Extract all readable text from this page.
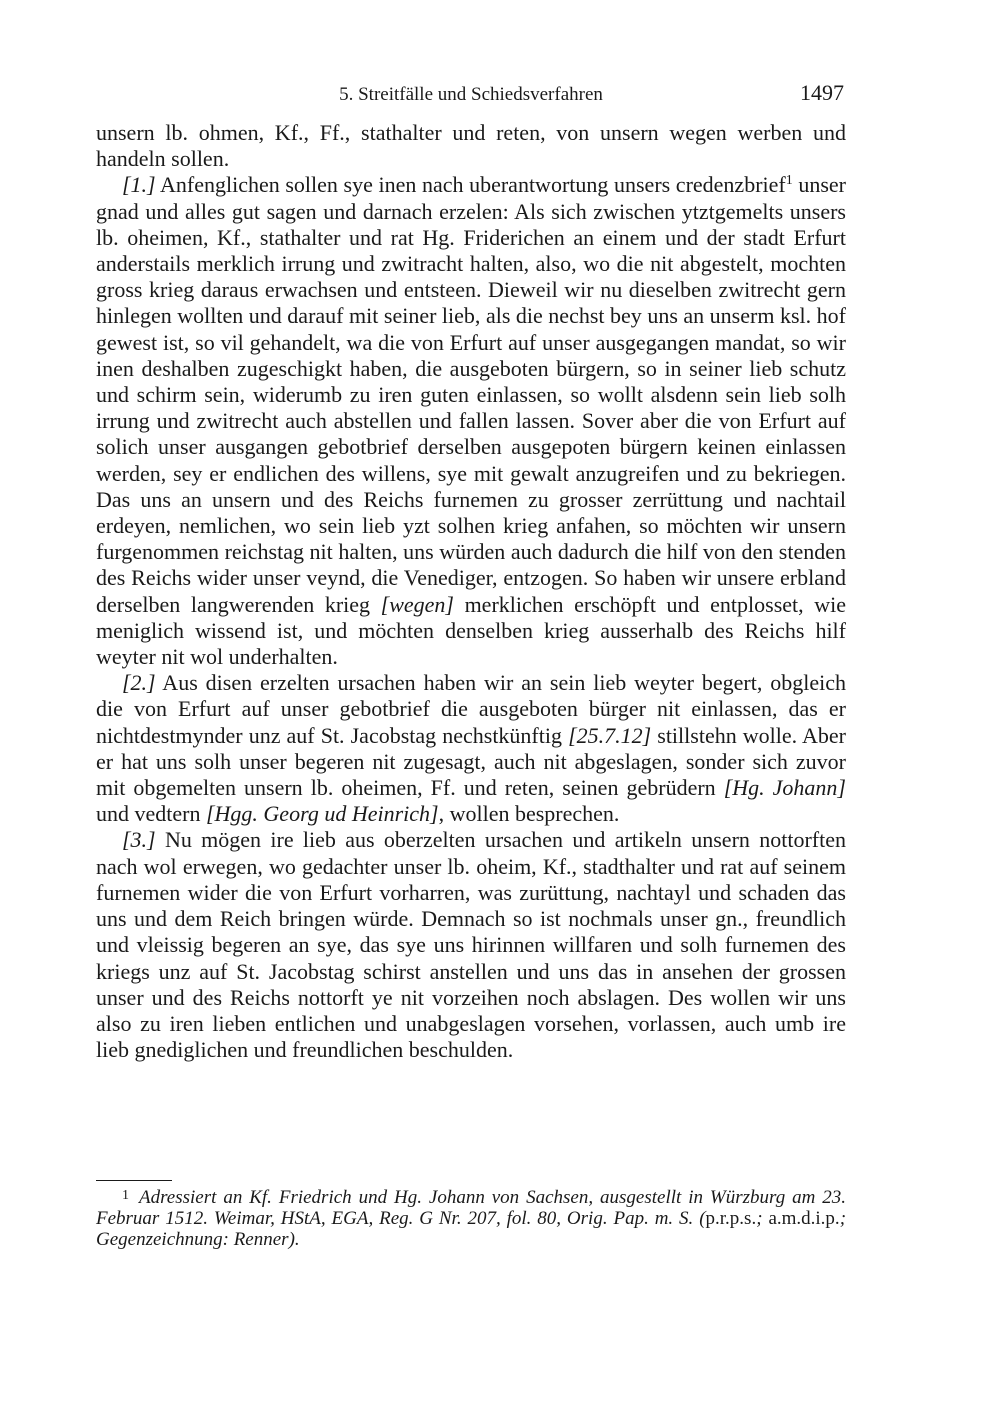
5. Streitfälle und Schiedsverfahren	1497

unsern lb. ohmen, Kf., Ff., stathalter und reten, von unsern wegen werben und handeln sollen.

[1.] Anfenglichen sollen sye inen nach uberantwortung unsers credenzbrief$^1$ unser gnad und alles gut sagen und darnach erzelen: Als sich zwischen ytztgemelts unsers lb. oheimen, Kf., stathalter und rat Hg. Friderichen an einem und der stadt Erfurt anderstails merklich irrung und zwitracht halten, also, wo die nit abgestelt, mochten gross krieg daraus erwachsen und entsteen. Dieweil wir nu dieselben zwitrecht gern hinlegen wollten und darauf mit seiner lieb, als die nechst bey uns an unserm ksl. hof gewest ist, so vil gehandelt, wa die von Erfurt auf unser ausgegangen mandat, so wir inen deshalben zugeschigkt haben, die ausgeboten bürgern, so in seiner lieb schutz und schirm sein, widerumb zu iren guten einlassen, so wollt alsdenn sein lieb solh irrung und zwitrecht auch abstellen und fallen lassen. Sover aber die von Erfurt auf solich unser ausgangen gebotbrief derselben ausgepoten bürgern keinen einlassen werden, sey er endlichen des willens, sye mit gewalt anzugreifen und zu bekriegen. Das uns an unsern und des Reichs furnemen zu grosser zerrüttung und nachtail erdeyen, nemlichen, wo sein lieb yzt solhen krieg anfahen, so möchten wir unsern furgenommen reichstag nit halten, uns würden auch dadurch die hilf von den stenden des Reichs wider unser veynd, die Venediger, entzogen. So haben wir unsere erbland derselben langwerenden krieg [wegen] merklichen erschöpft und entplosset, wie meniglich wissend ist, und möchten denselben krieg ausserhalb des Reichs hilf weyter nit wol underhalten.

[2.] Aus disen erzelten ursachen haben wir an sein lieb weyter begert, obgleich die von Erfurt auf unser gebotbrief die ausgeboten bürger nit einlassen, das er nichtdestmynder unz auf St. Jacobstag nechstkünftig [25.7.12] stillstehn wolle. Aber er hat uns solh unser begeren nit zugesagt, auch nit abgeslagen, sonder sich zuvor mit obgemelten unsern lb. oheimen, Ff. und reten, seinen gebrüdern [Hg. Johann] und vedtern [Hgg. Georg ud Heinrich], wollen besprechen.

[3.] Nu mögen ire lieb aus oberzelten ursachen und artikeln unsern nottorften nach wol erwegen, wo gedachter unser lb. oheim, Kf., stadthalter und rat auf seinem furnemen wider die von Erfurt vorharren, was zurüttung, nachtayl und schaden das uns und dem Reich bringen würde. Demnach so ist nochmals unser gn., freundlich und vleissig begeren an sye, das sye uns hirinnen willfaren und solh furnemen des kriegs unz auf St. Jacobstag schirst anstellen und uns das in ansehen der grossen unser und des Reichs nottorft ye nit vorzeihen noch abslagen. Des wollen wir uns also zu iren lieben entlichen und unabgeslagen vorsehen, vorlassen, auch umb ire lieb gnediglichen und freundlichen beschulden.

$^1$ Adressiert an Kf. Friedrich und Hg. Johann von Sachsen, ausgestellt in Würzburg am 23. Februar 1512. Weimar, HStA, EGA, Reg. G Nr. 207, fol. 80, Orig. Pap. m. S. (p.r.p.s.; a.m.d.i.p.; Gegenzeichnung: Renner).
